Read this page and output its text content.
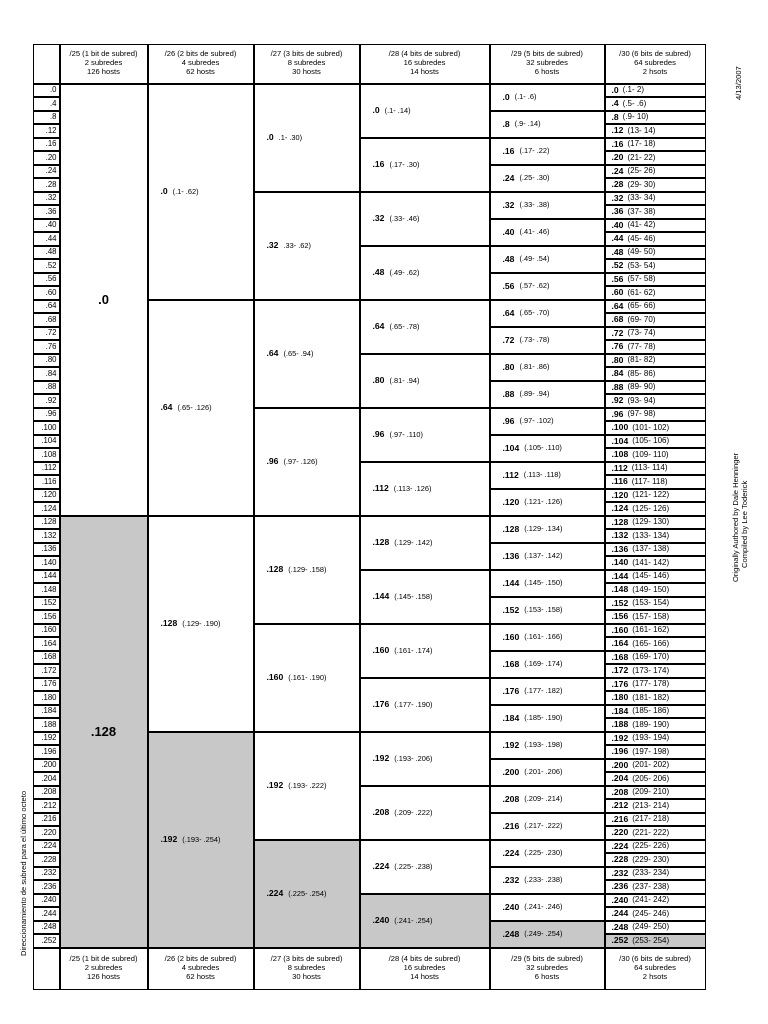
/25 (1 bit de subred)
2 subredes
126 hosts
/26 (2 bits de subred)
4 subredes
62 hosts
/27 (3 bits de subred)
8 subredes
30 hosts
/28 (4 bits de subred)
16 subredes
14 hosts
/29 (5 bits de subred)
32 subredes
6 hosts
/30 (6 bits de subred)
64 subredes
2 hsots
/25 (1 bit de subred)
2 subredes
126 hosts
/26 (2 bits de subred)
4 subredes
62 hosts
/27 (3 bits de subred)
8 subredes
30 hosts
/28 (4 bits de subred)
16 subredes
14 hosts
/29 (5 bits de subred)
32 subredes
6 hosts
/30 (6 bits de subred)
64 subredes
2 hsots
.0
.4
.8
.12
.16
.20
.24
.28
.32
.36
.40
.44
.48
.52
.56
.60
.64
.68
.72
.76
.80
.84
.88
.92
.96
.100
.104
.108
.112
.116
.120
.124
.128
.132
.136
.140
.144
.148
.152
.156
.160
.164
.168
.172
.176
.180
.184
.188
.192
.196
.200
.204
.208
.212
.216
.220
.224
.228
.232
.236
.240
.244
.248
.252
.0
.128
.0 (.1- .62)
.64 (.65- .126)
.128 (.129- .190)
.192 (.193- .254)
.0 .1- .30)
.32 .33- .62)
.64 (.65- .94)
.96 (.97- .126)
.128 (.129- .158)
.160 (.161- .190)
.192 (.193- .222)
.224 (.225- .254)
.0 (.1- .14)
.16 (.17- .30)
.32 (.33- .46)
.48 (.49- .62)
.64 (.65- .78)
.80 (.81- .94)
.96 (.97- .110)
.112 (.113- .126)
.128 (.129- .142)
.144 (.145- .158)
.160 (.161- .174)
.176 (.177- .190)
.192 (.193- .206)
.208 (.209- .222)
.224 (.225- .238)
.240 (.241- .254)
.0 (.1- .6)
.8 (.9- .14)
.16 (.17- .22)
.24 (.25- .30)
.32 (.33- .38)
.40 (.41- .46)
.48 (.49- .54)
.56 (.57- .62)
.64 (.65- .70)
.72 (.73- .78)
.80 (.81- .86)
.88 (.89- .94)
.96 (.97- .102)
.104 (.105- .110)
.112 (.113- .118)
.120 (.121- .126)
.128 (.129- .134)
.136 (.137- .142)
.144 (.145- .150)
.152 (.153- .158)
.160 (.161- .166)
.168 (.169- .174)
.176 (.177- .182)
.184 (.185- .190)
.192 (.193- .198)
.200 (.201- .206)
.208 (.209- .214)
.216 (.217- .222)
.224 (.225- .230)
.232 (.233- .238)
.240 (.241- .246)
.248 (.249- .254)
.0 (.1- 2)
.4 (.5- .6)
.8 (.9- 10)
.12 (13- 14)
.16 (17- 18)
.20 (21- 22)
.24 (25- 26)
.28 (29- 30)
.32 (33- 34)
.36 (37- 38)
.40 (41- 42)
.44 (45- 46)
.48 (49- 50)
.52 (53- 54)
.56 (57- 58)
.60 (61- 62)
.64 (65- 66)
.68 (69- 70)
.72 (73- 74)
.76 (77- 78)
.80 (81- 82)
.84 (85- 86)
.88 (89- 90)
.92 (93- 94)
.96 (97- 98)
.100 (101- 102)
.104 (105- 106)
.108 (109- 110)
.112 (113- 114)
.116 (117- 118)
.120 (121- 122)
.124 (125- 126)
.128 (129- 130)
.132 (133- 134)
.136 (137- 138)
.140 (141- 142)
.144 (145- 146)
.148 (149- 150)
.152 (153- 154)
.156 (157- 158)
.160 (161- 162)
.164 (165- 166)
.168 (169- 170)
.172 (173- 174)
.176 (177- 178)
.180 (181- 182)
.184 (185- 186)
.188 (189- 190)
.192 (193- 194)
.196 (197- 198)
.200 (201- 202)
.204 (205- 206)
.208 (209- 210)
.212 (213- 214)
.216 (217- 218)
.220 (221- 222)
.224 (225- 226)
.228 (229- 230)
.232 (233- 234)
.236 (237- 238)
.240 (241- 242)
.244 (245- 246)
.248 (249- 250)
.252 (253- 254)
4/13/2007
Originally Authored by Dale Henninger Compiled by Lee Toderick
Direccionamiento de subred para el último octeto
